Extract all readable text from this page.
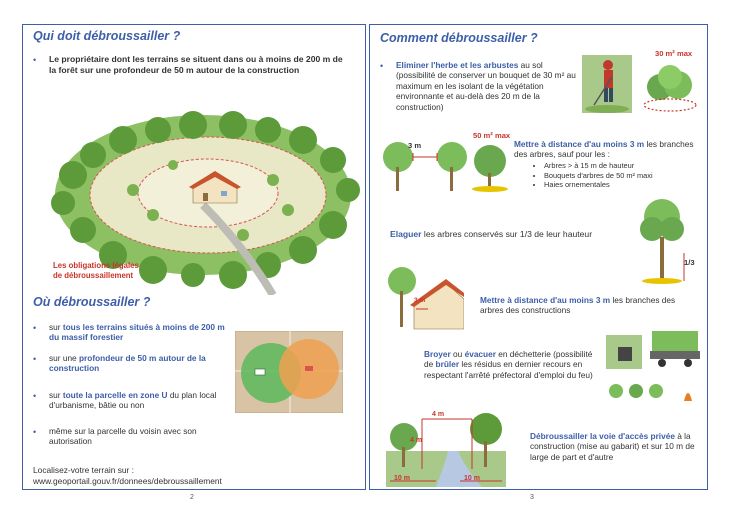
Qui doit débroussailler ?
• Le propriétaire dont les terrains se situent dans ou à moins de 200 m de la forêt sur une profondeur de 50 m autour de la construction
Les obligations légales
de débroussaillement
Où débroussailler ?
• sur tous les terrains situés à moins de 200 m du massif forestier
• sur une profondeur de 50 m autour de la construction
• sur toute la parcelle en zone U du plan local d'urbanisme, bâtie ou non
• même sur la parcelle du voisin avec son autorisation
Localisez-votre terrain sur :
www.geoportail.gouv.fr/donnees/debroussaillement
2
Comment débroussailler ?
• Eliminer l'herbe et les arbustes au sol (possibilité de conserver un bouquet de 30 m² au maximum en les isolant de la végétation environnante et au-delà des 20 m de la construction)
30 m² max
3 m
50 m² max
Mettre à distance d'au moins 3 m les branches des arbres, sauf pour les :
• Arbres > à 15 m de hauteur
• Bouquets d'arbres de 50 m² maxi
• Haies ornementales
Elaguer les arbres conservés sur 1/3 de leur hauteur
1/3
3 m	Mettre à distance d'au moins 3 m les branches des arbres des constructions
Broyer ou évacuer en déchetterie (possibilité de brûler les résidus en dernier recours en respectant l'arrêté préfectoral d'emploi du feu)
4 m
4 m
10 m	10 m
Débroussailler la voie d'accès privée à la construction (mise au gabarit) et sur 10 m de large de part et d'autre
3
